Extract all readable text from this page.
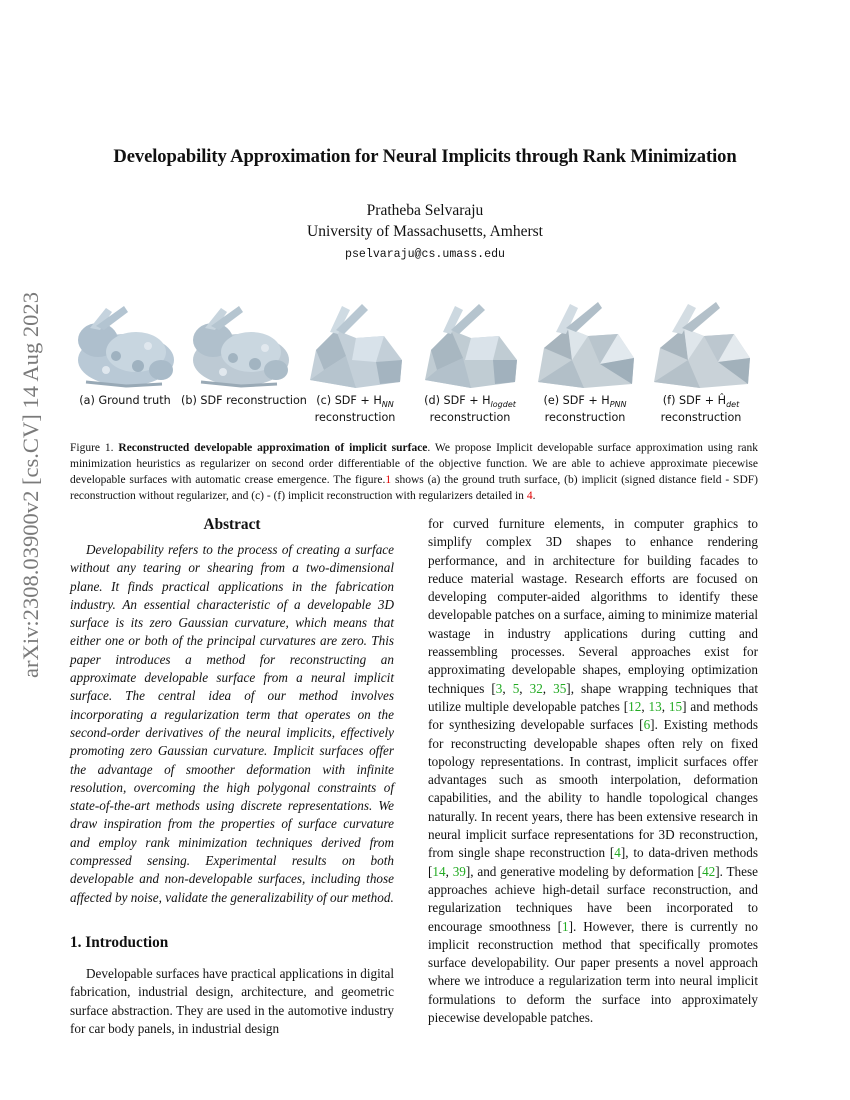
arXiv:2308.03900v2 [cs.CV] 14 Aug 2023
Developability Approximation for Neural Implicits through Rank Minimization
Pratheba Selvaraju
University of Massachusetts, Amherst
pselvaraju@cs.umass.edu
(a) Ground truth (b) SDF reconstruction (c) SDF + $H_{NN}$
reconstruction
(d) SDF + $H_{logdet}$
reconstruction
(e) SDF + $H_{PNN}$
reconstruction
(f) SDF + $Ĥ_{det}$
reconstruction
Figure 1. Reconstructed developable approximation of implicit surface. We propose Implicit developable surface approximation using rank minimization heuristics as regularizer on second order differentiable of the objective function. We are able to achieve approximate piecewise developable surfaces with automatic crease emergence. The figure.1 shows (a) the ground truth surface, (b) implicit (signed distance field - SDF) reconstruction without regularizer, and (c) - (f) implicit reconstruction with regularizers detailed in 4.
Abstract

Developability refers to the process of creating a surface without any tearing or shearing from a two-dimensional plane. It finds practical applications in the fabrication industry. An essential characteristic of a developable 3D surface is its zero Gaussian curvature, which means that either one or both of the principal curvatures are zero. This paper introduces a method for reconstructing an approximate developable surface from a neural implicit surface. The central idea of our method involves incorporating a regularization term that operates on the second-order derivatives of the neural implicits, effectively promoting zero Gaussian curvature. Implicit surfaces offer the advantage of smoother deformation with infinite resolution, overcoming the high polygonal constraints of state-of-the-art methods using discrete representations. We draw inspiration from the properties of surface curvature and employ rank minimization techniques derived from compressed sensing. Experimental results on both developable and non-developable surfaces, including those affected by noise, validate the generalizability of our method.

1. Introduction

Developable surfaces have practical applications in digital fabrication, industrial design, architecture, and geometric surface abstraction. They are used in the automotive industry for car body panels, in industrial design

for curved furniture elements, in computer graphics to simplify complex 3D shapes to enhance rendering performance, and in architecture for building facades to reduce material wastage. Research efforts are focused on developing computer-aided algorithms to identify these developable patches on a surface, aiming to minimize material wastage in industry applications during cutting and reassembling processes. Several approaches exist for approximating developable shapes, employing optimization techniques [3, 5, 32, 35], shape wrapping techniques that utilize multiple developable patches [12, 13, 15] and methods for synthesizing developable surfaces [6]. Existing methods for reconstructing developable shapes often rely on fixed topology representations. In contrast, implicit surfaces offer advantages such as smooth interpolation, deformation capabilities, and the ability to handle topological changes naturally. In recent years, there has been extensive research in neural implicit surface representations for 3D reconstruction, from single shape reconstruction [4], to data-driven methods [14, 39], and generative modeling by deformation [42]. These approaches achieve high-detail surface reconstruction, and regularization techniques have been incorporated to encourage smoothness [1]. However, there is currently no implicit reconstruction method that specifically promotes surface developability. Our paper presents a novel approach where we introduce a regularization term into neural implicit formulations to deform the surface into approximately piecewise developable patches.
